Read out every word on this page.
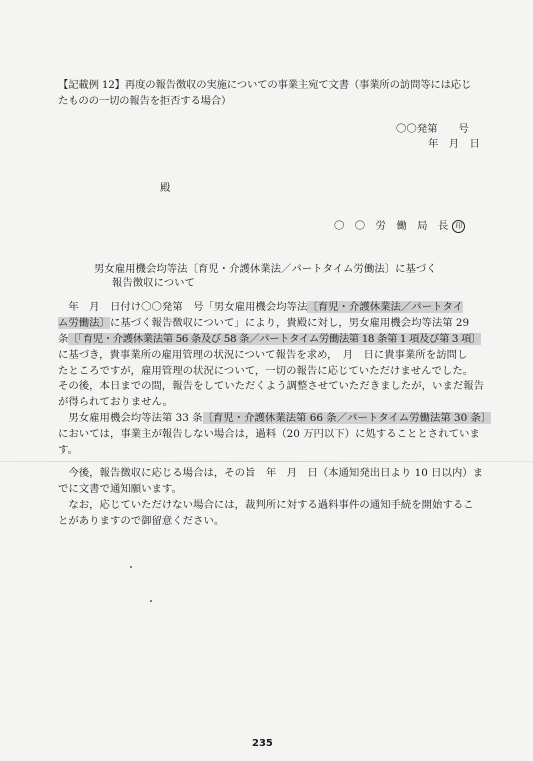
【記載例 12】再度の報告徴収の実施についての事業主宛て文書（事業所の訪問等には応じ
たものの一切の報告を拒否する場合）
〇〇発第　　号
年　月　日
殿
〇　〇　労　働　局　長 印
男女雇用機会均等法〔育児・介護休業法／パートタイム労働法〕に基づく
報告徴収について
　年　月　日付け〇〇発第　号「男女雇用機会均等法〔育児・介護休業法／パートタイ
ム労働法〕に基づく報告徴収について」により，貴殿に対し，男女雇用機会均等法第 29
条〔「育児・介護休業法第 56 条及び 58 条／パートタイム労働法第 18 条第 1 項及び第 3 項〕
に基づき，貴事業所の雇用管理の状況について報告を求め，　月　日に貴事業所を訪問し
たところですが，雇用管理の状況について，一切の報告に応じていただけませんでした。
その後，本日までの間，報告をしていただくよう調整させていただきましたが，いまだ報告
が得られておりません。
　男女雇用機会均等法第 33 条〔育児・介護休業法第 66 条／パートタイム労働法第 30 条〕
においては，事業主が報告しない場合は，過料（20 万円以下）に処することとされていま
す。
　今後，報告徴収に応じる場合は，その旨　年　月　日（本通知発出日より 10 日以内）ま
でに文書で通知願います。
　なお，応じていただけない場合には，裁判所に対する過料事件の通知手続を開始するこ
とがありますので御留意ください。
235
